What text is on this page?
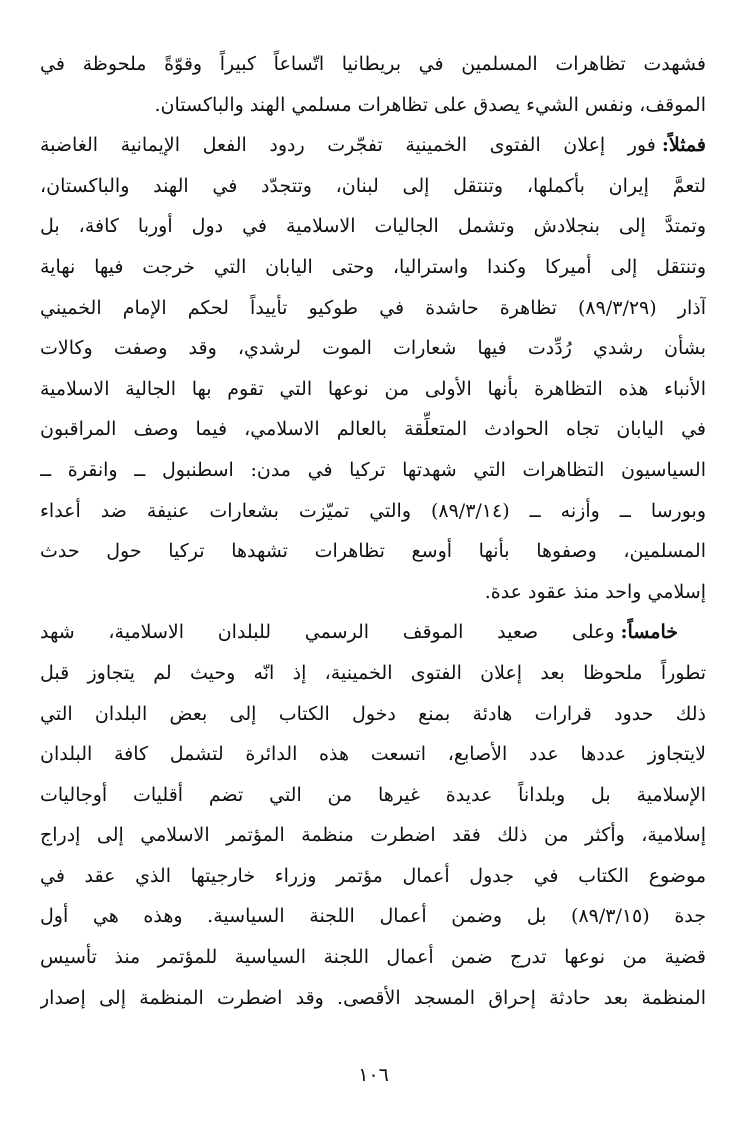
فشهدت تظاهرات المسلمين في بريطانيا اتّساعاً كبيراً وقوّةً ملحوظة في
الموقف، ونفس الشيء يصدق على تظاهرات مسلمي الهند والباكستان.
فمثلاً:فور إعلان الفتوى الخمينية تفجّرت ردود الفعل الإيمانية الغاضبة
لتعمَّ إيران بأكملها، وتنتقل إلى لبنان، وتتجدّد في الهند والباكستان،
وتمتدَّ إلى بنجلادش وتشمل الجاليات الاسلامية في دول أوربا كافة، بل
وتنتقل إلى أميركا وكندا واستراليا، وحتى اليابان التي خرجت فيها نهاية
آذار (٨٩/٣/٢٩) تظاهرة حاشدة في طوكيو تأييداً لحكم الإمام الخميني
بشأن رشدي رُدِّدت فيها شعارات الموت لرشدي، وقد وصفت وكالات
الأنباء هذه التظاهرة بأنها الأولى من نوعها التي تقوم بها الجالية الاسلامية
في اليابان تجاه الحوادث المتعلِّقة بالعالم الاسلامي، فيما وصف المراقبون
السياسيون التظاهرات التي شهدتها تركيا في مدن: اسطنبول ــ وانقرة ــ
وبورسا ــ وأزنه ــ (٨٩/٣/١٤) والتي تميّزت بشعارات عنيفة ضد أعداء
المسلمين، وصفوها بأنها أوسع تظاهرات تشهدها تركيا حول حدث
إسلامي واحد منذ عقود عدة.
خامساً:وعلى صعيد الموقف الرسمي للبلدان الاسلامية، شهد
تطوراً ملحوظا بعد إعلان الفتوى الخمينية، إذ انّه وحيث لم يتجاوز قبل
ذلك حدود قرارات هادئة بمنع دخول الكتاب إلى بعض البلدان التي
لايتجاوز عددها عدد الأصابع، اتسعت هذه الدائرة لتشمل كافة البلدان
الإسلامية بل وبلداناً عديدة غيرها من التي تضم أقليات أوجاليات
إسلامية، وأكثر من ذلك فقد اضطرت منظمة المؤتمر الاسلامي إلى إدراج
موضوع الكتاب في جدول أعمال مؤتمر وزراء خارجيتها الذي عقد في
جدة (٨٩/٣/١٥) بل وضمن أعمال اللجنة السياسية. وهذه هي أول
قضية من نوعها تدرج ضمن أعمال اللجنة السياسية للمؤتمر منذ تأسيس
المنظمة بعد حادثة إحراق المسجد الأقصى. وقد اضطرت المنظمة إلى إصدار
١٠٦
